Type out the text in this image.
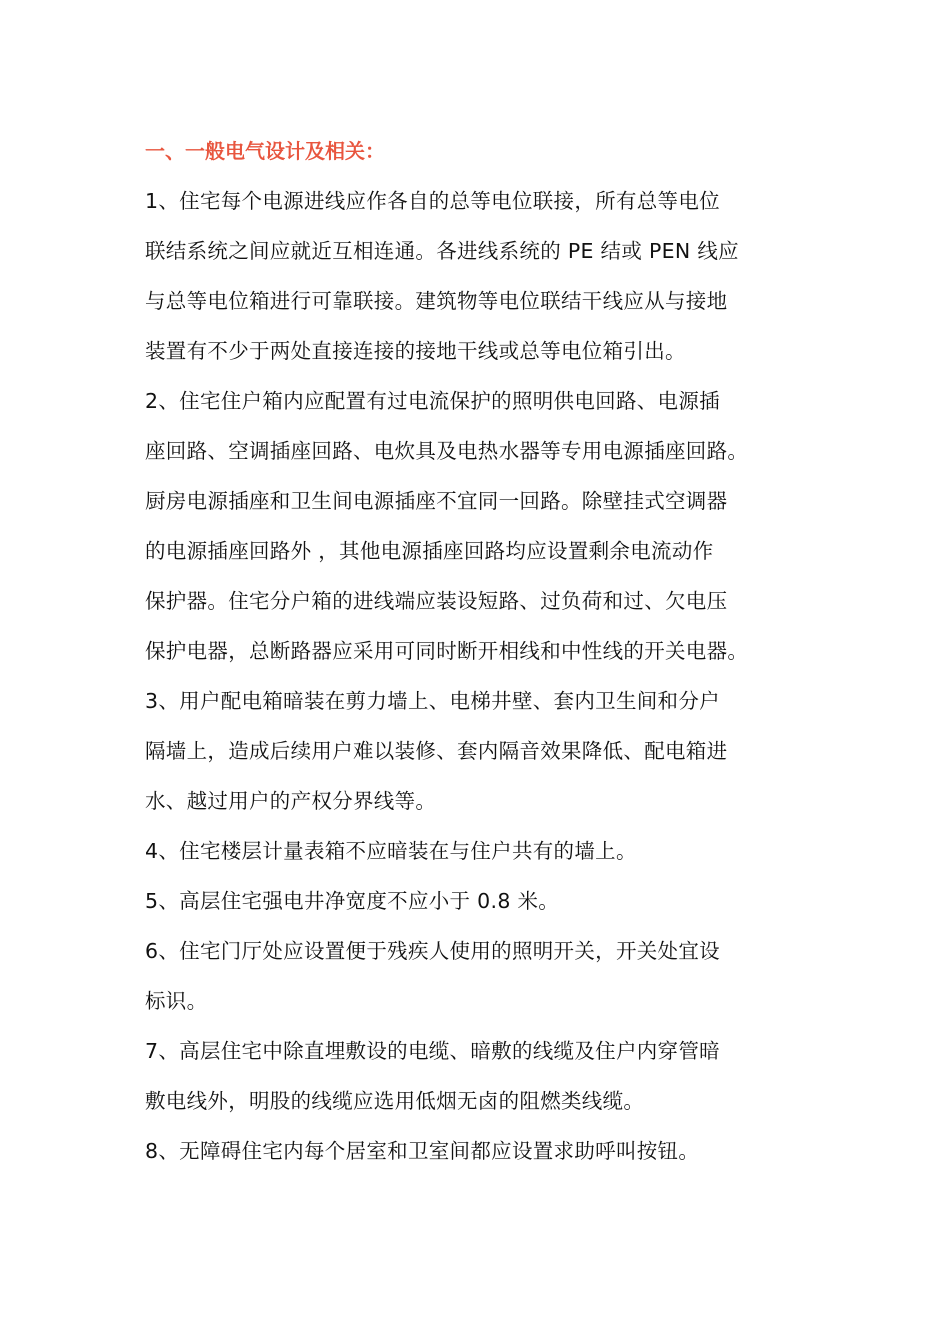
一、一般电气设计及相关：
1、住宅每个电源进线应作各自的总等电位联接，所有总等电位
联结系统之间应就近互相连通。各进线系统的 PE 结或 PEN 线应
与总等电位箱进行可靠联接。建筑物等电位联结干线应从与接地
装置有不少于两处直接连接的接地干线或总等电位箱引出。
2、住宅住户箱内应配置有过电流保护的照明供电回路、电源插
座回路、空调插座回路、电炊具及电热水器等专用电源插座回路。
厨房电源插座和卫生间电源插座不宜同一回路。除壁挂式空调器
的电源插座回路外 ，其他电源插座回路均应设置剩余电流动作
保护器。住宅分户箱的进线端应装设短路、过负荷和过、欠电压
保护电器，总断路器应采用可同时断开相线和中性线的开关电器。
3、用户配电箱暗装在剪力墙上、电梯井壁、套内卫生间和分户
隔墙上，造成后续用户难以装修、套内隔音效果降低、配电箱进
水、越过用户的产权分界线等。
4、住宅楼层计量表箱不应暗装在与住户共有的墙上。
5、高层住宅强电井净宽度不应小于 0.8 米。
6、住宅门厅处应设置便于残疾人使用的照明开关，开关处宜设
标识。
7、高层住宅中除直埋敷设的电缆、暗敷的线缆及住户内穿管暗
敷电线外，明股的线缆应选用低烟无卤的阻燃类线缆。
8、无障碍住宅内每个居室和卫室间都应设置求助呼叫按钮。
